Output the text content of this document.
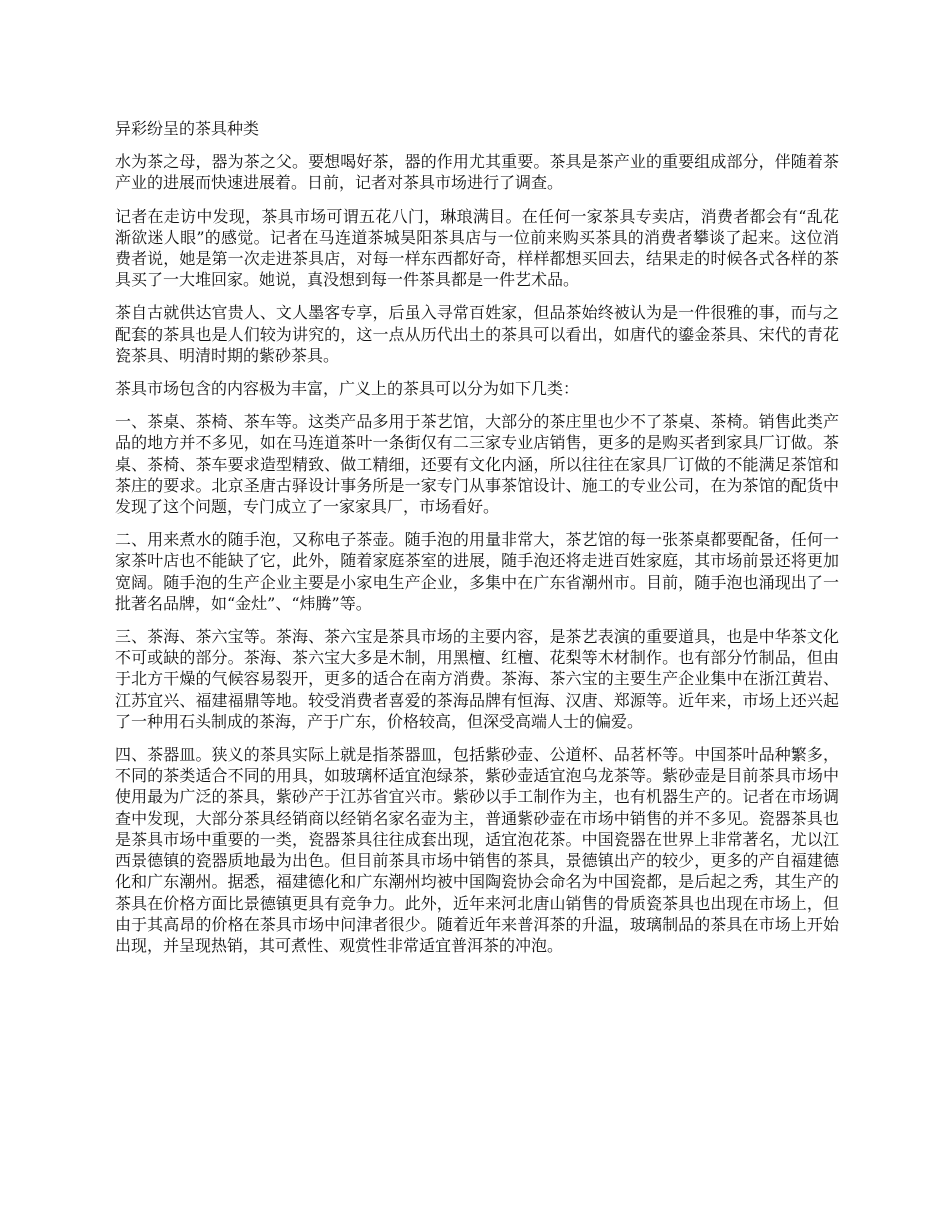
异彩纷呈的茶具种类

水为茶之母，器为茶之父。要想喝好茶，器的作用尤其重要。茶具是茶产业的重要组成部分，伴随着茶产业的进展而快速进展着。日前，记者对茶具市场进行了调查。

记者在走访中发现，茶具市场可谓五花八门，琳琅满目。在任何一家茶具专卖店，消费者都会有“乱花渐欲迷人眼”的感觉。记者在马连道茶城昊阳茶具店与一位前来购买茶具的消费者攀谈了起来。这位消费者说，她是第一次走进茶具店，对每一样东西都好奇，样样都想买回去，结果走的时候各式各样的茶具买了一大堆回家。她说，真没想到每一件茶具都是一件艺术品。

茶自古就供达官贵人、文人墨客专享，后虽入寻常百姓家，但品茶始终被认为是一件很雅的事，而与之配套的茶具也是人们较为讲究的，这一点从历代出土的茶具可以看出，如唐代的鎏金茶具、宋代的青花瓷茶具、明清时期的紫砂茶具。

茶具市场包含的内容极为丰富，广义上的茶具可以分为如下几类：

一、茶桌、茶椅、茶车等。这类产品多用于茶艺馆，大部分的茶庄里也少不了茶桌、茶椅。销售此类产品的地方并不多见，如在马连道茶叶一条街仅有二三家专业店销售，更多的是购买者到家具厂订做。茶桌、茶椅、茶车要求造型精致、做工精细，还要有文化内涵，所以往往在家具厂订做的不能满足茶馆和茶庄的要求。北京圣唐古驿设计事务所是一家专门从事茶馆设计、施工的专业公司，在为茶馆的配货中发现了这个问题，专门成立了一家家具厂，市场看好。

二、用来煮水的随手泡，又称电子茶壶。随手泡的用量非常大，茶艺馆的每一张茶桌都要配备，任何一家茶叶店也不能缺了它，此外，随着家庭茶室的进展，随手泡还将走进百姓家庭，其市场前景还将更加宽阔。随手泡的生产企业主要是小家电生产企业，多集中在广东省潮州市。目前，随手泡也涌现出了一批著名品牌，如“金灶”、“炜腾”等。

三、茶海、茶六宝等。茶海、茶六宝是茶具市场的主要内容，是茶艺表演的重要道具，也是中华茶文化不可或缺的部分。茶海、茶六宝大多是木制，用黑檀、红檀、花梨等木材制作。也有部分竹制品，但由于北方干燥的气候容易裂开，更多的适合在南方消费。茶海、茶六宝的主要生产企业集中在浙江黄岩、江苏宜兴、福建福鼎等地。较受消费者喜爱的茶海品牌有恒海、汉唐、郑源等。近年来，市场上还兴起了一种用石头制成的茶海，产于广东，价格较高，但深受高端人士的偏爱。

四、茶器皿。狭义的茶具实际上就是指茶器皿，包括紫砂壶、公道杯、品茗杯等。中国茶叶品种繁多，不同的茶类适合不同的用具，如玻璃杯适宜泡绿茶，紫砂壶适宜泡乌龙茶等。紫砂壶是目前茶具市场中使用最为广泛的茶具，紫砂产于江苏省宜兴市。紫砂以手工制作为主，也有机器生产的。记者在市场调查中发现，大部分茶具经销商以经销名家名壶为主，普通紫砂壶在市场中销售的并不多见。瓷器茶具也是茶具市场中重要的一类，瓷器茶具往往成套出现，适宜泡花茶。中国瓷器在世界上非常著名，尤以江西景德镇的瓷器质地最为出色。但目前茶具市场中销售的茶具，景德镇出产的较少，更多的产自福建德化和广东潮州。据悉，福建德化和广东潮州均被中国陶瓷协会命名为中国瓷都，是后起之秀，其生产的茶具在价格方面比景德镇更具有竞争力。此外，近年来河北唐山销售的骨质瓷茶具也出现在市场上，但由于其高昂的价格在茶具市场中问津者很少。随着近年来普洱茶的升温，玻璃制品的茶具在市场上开始出现，并呈现热销，其可煮性、观赏性非常适宜普洱茶的冲泡。
